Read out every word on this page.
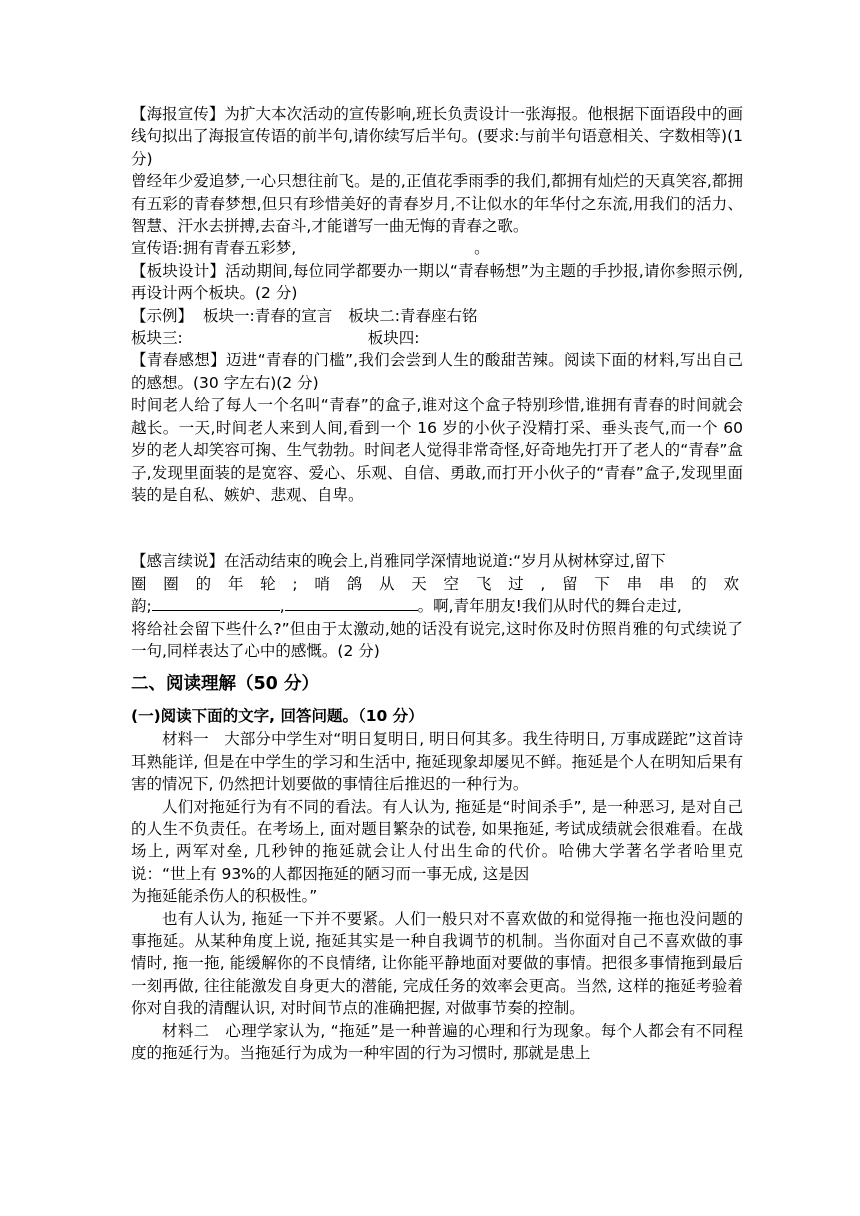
【海报宣传】为扩大本次活动的宣传影响,班长负责设计一张海报。他根据下面语段中的画线句拟出了海报宣传语的前半句,请你续写后半句。(要求:与前半句语意相关、字数相等)(1 分)

曾经年少爱追梦,一心只想往前飞。是的,正值花季雨季的我们,都拥有灿烂的天真笑容,都拥有五彩的青春梦想,但只有珍惜美好的青春岁月,不让似水的年华付之东流,用我们的活力、智慧、汗水去拼搏,去奋斗,才能谱写一曲无悔的青春之歌。

宣传语:拥有青春五彩梦,	。

【板块设计】活动期间,每位同学都要办一期以“青春畅想”为主题的手抄报,请你参照示例,再设计两个板块。(2 分)

【示例】 板块一:青春的宣言 板块二:青春座右铭

板块三:	板块四:

【青春感想】迈进“青春的门槛”,我们会尝到人生的酸甜苦辣。阅读下面的材料,写出自己的感想。(30 字左右)(2 分)

时间老人给了每人一个名叫“青春”的盒子,谁对这个盒子特别珍惜,谁拥有青春的时间就会越长。一天,时间老人来到人间,看到一个 16 岁的小伙子没精打采、垂头丧气,而一个 60 岁的老人却笑容可掬、生气勃勃。时间老人觉得非常奇怪,好奇地先打开了老人的“青春”盒子,发现里面装的是宽容、爱心、乐观、自信、勇敢,而打开小伙子的“青春”盒子,发现里面装的是自私、嫉妒、悲观、自卑。

【感言续说】在活动结束的晚会上,肖雅同学深情地说道:“岁月从树林穿过,留下

圈圈的年轮;哨鸽从天空飞过,留下串串的欢

韵;	,	。啊,青年朋友!我们从时代的舞台走过,

将给社会留下些什么?”但由于太激动,她的话没有说完,这时你及时仿照肖雅的句式续说了一句,同样表达了心中的感慨。(2 分)

二、阅读理解（50 分）
(一)阅读下面的文字, 回答问题。（10 分）

材料一　大部分中学生对“明日复明日, 明日何其多。我生待明日, 万事成蹉跎”这首诗耳熟能详, 但是在中学生的学习和生活中, 拖延现象却屡见不鲜。拖延是个人在明知后果有害的情况下, 仍然把计划要做的事情往后推迟的一种行为。

人们对拖延行为有不同的看法。有人认为, 拖延是“时间杀手”, 是一种恶习, 是对自己的人生不负责任。在考场上, 面对题目繁杂的试卷, 如果拖延, 考试成绩就会很难看。在战场上, 两军对垒, 几秒钟的拖延就会让人付出生命的代价。哈佛大学著名学者哈里克说：“世上有 93%的人都因拖延的陋习而一事无成, 这是因

为拖延能杀伤人的积极性。”

也有人认为, 拖延一下并不要紧。人们一般只对不喜欢做的和觉得拖一拖也没问题的事拖延。从某种角度上说, 拖延其实是一种自我调节的机制。当你面对自己不喜欢做的事情时, 拖一拖, 能缓解你的不良情绪, 让你能平静地面对要做的事情。把很多事情拖到最后一刻再做, 往往能激发自身更大的潜能, 完成任务的效率会更高。当然, 这样的拖延考验着你对自我的清醒认识, 对时间节点的准确把握, 对做事节奏的控制。

材料二　心理学家认为, “拖延”是一种普遍的心理和行为现象。每个人都会有不同程度的拖延行为。当拖延行为成为一种牢固的行为习惯时, 那就是患上
